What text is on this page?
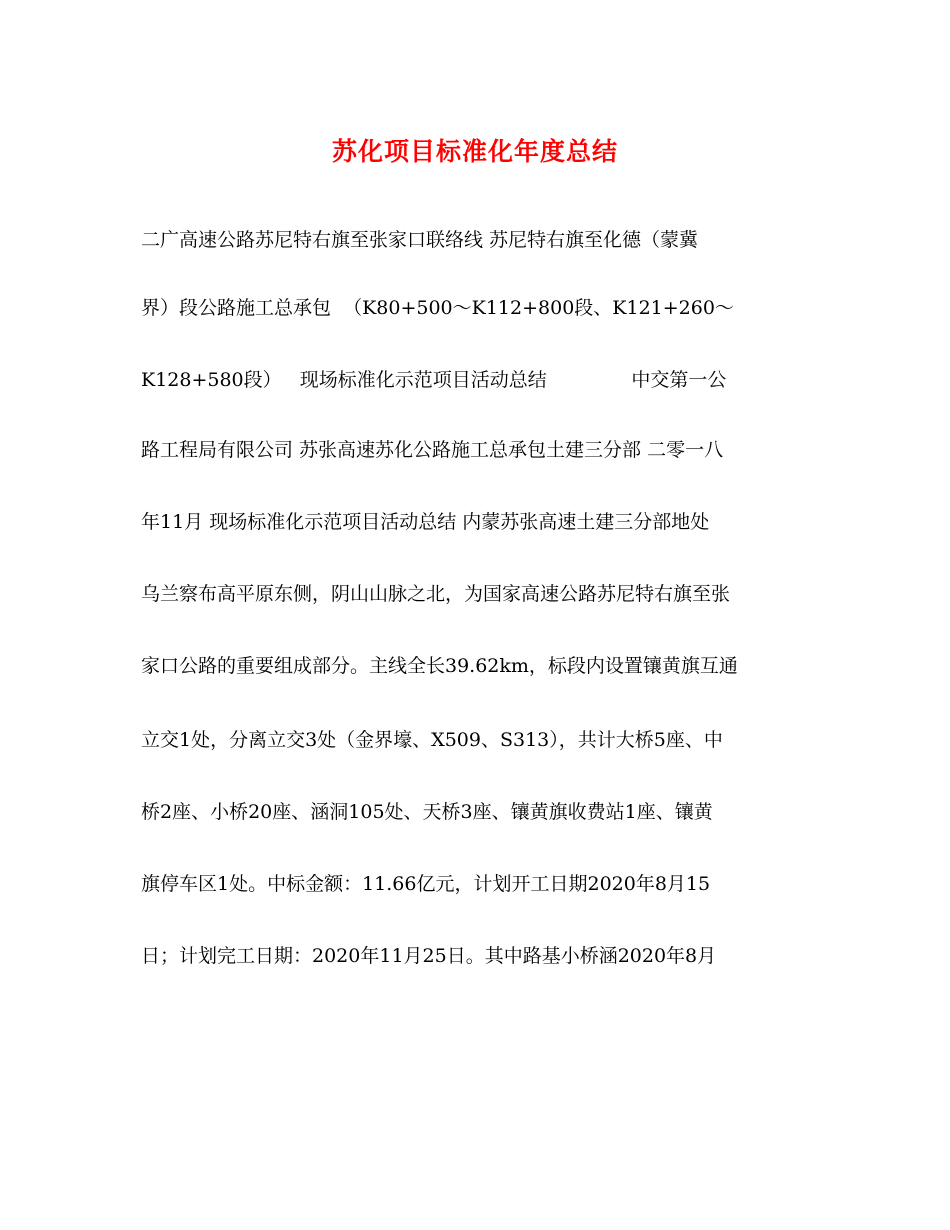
苏化项目标准化年度总结
二广高速公路苏尼特右旗至张家口联络线 苏尼特右旗至化德（蒙冀
界）段公路施工总承包  （K80+500～K112+800段、K121+260～
K128+580段）   现场标准化示范项目活动总结              中交第一公
路工程局有限公司 苏张高速苏化公路施工总承包土建三分部 二零一八
年11月 现场标准化示范项目活动总结 内蒙苏张高速土建三分部地处
乌兰察布高平原东侧，阴山山脉之北，为国家高速公路苏尼特右旗至张
家口公路的重要组成部分。主线全长39.62km，标段内设置镶黄旗互通
立交1处，分离立交3处（金界壕、X509、S313），共计大桥5座、中
桥2座、小桥20座、涵洞105处、天桥3座、镶黄旗收费站1座、镶黄
旗停车区1处。中标金额：11.66亿元，计划开工日期2020年8月15
日；计划完工日期：2020年11月25日。其中路基小桥涵2020年8月
